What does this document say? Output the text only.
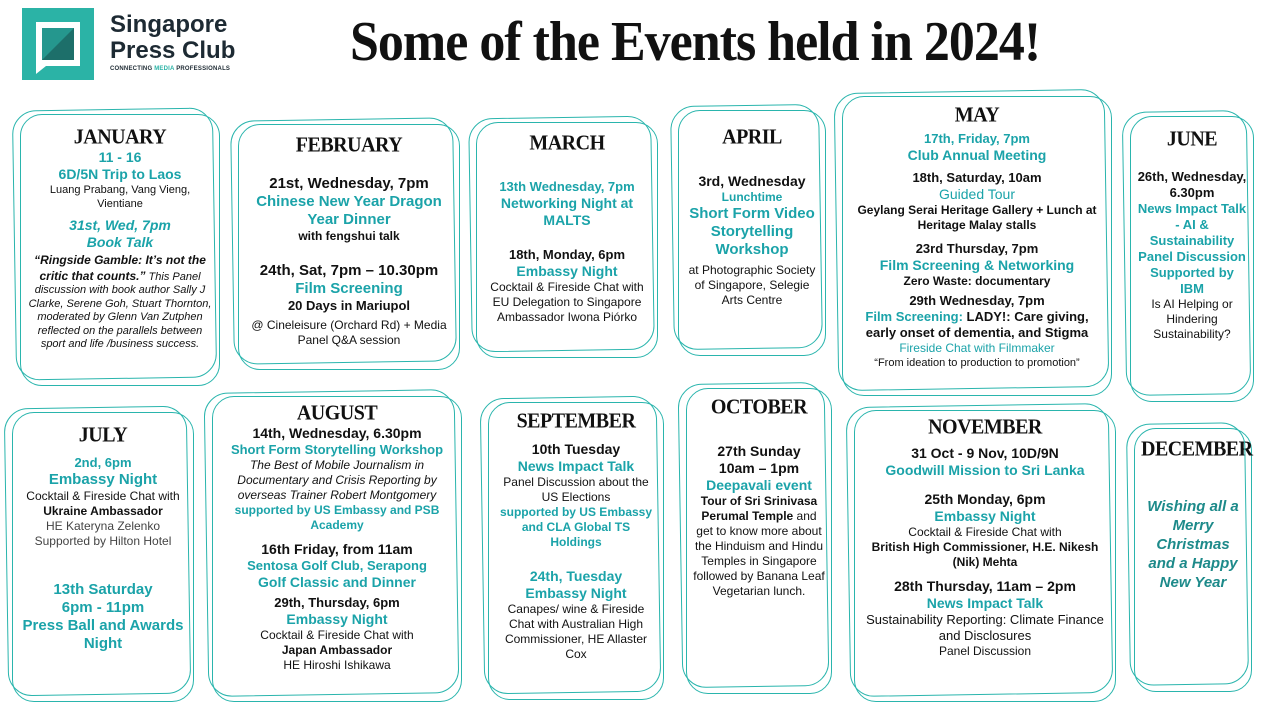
Singapore
Press Club
CONNECTING MEDIA PROFESSIONALS Some of the Events held in 2024!
JANUARY
11 - 16
6D/5N Trip to Laos
Luang Prabang, Vang Vieng, Vientiane
31st, Wed, 7pm
Book Talk
“Ringside Gamble: It’s not the critic that counts.” This Panel discussion with book author Sally J Clarke, Serene Goh, Stuart Thornton, moderated by Glenn Van Zutphen reflected on the parallels between sport and life /business success.
FEBRUARY
21st, Wednesday, 7pm
Chinese New Year Dragon Year Dinner
with fengshui talk
24th, Sat, 7pm – 10.30pm
Film Screening
20 Days in Mariupol
@ Cineleisure (Orchard Rd) + Media Panel Q&A session
MARCH
13th Wednesday, 7pm
Networking Night at MALTS
18th, Monday, 6pm
Embassy Night
Cocktail & Fireside Chat with EU Delegation to Singapore Ambassador Iwona Piórko
APRIL
3rd, Wednesday
Lunchtime
Short Form Video Storytelling Workshop
at Photographic Society of Singapore, Selegie Arts Centre
MAY
17th, Friday, 7pm
Club Annual Meeting
18th, Saturday, 10am
Guided Tour
Geylang Serai Heritage Gallery + Lunch at Heritage Malay stalls
23rd Thursday, 7pm
Film Screening & Networking
Zero Waste: documentary
29th Wednesday, 7pm
Film Screening: LADY!: Care giving, early onset of dementia, and Stigma
Fireside Chat with Filmmaker
“From ideation to production to promotion”
JUNE
26th, Wednesday, 6.30pm
News Impact Talk - AI & Sustainability Panel Discussion Supported by IBM
Is AI Helping or Hindering Sustainability?
JULY
2nd, 6pm
Embassy Night
Cocktail & Fireside Chat with Ukraine Ambassador
HE Kateryna Zelenko
Supported by Hilton Hotel
13th Saturday
6pm - 11pm
Press Ball and Awards Night
AUGUST
14th, Wednesday, 6.30pm
Short Form Storytelling Workshop
The Best of Mobile Journalism in Documentary and Crisis Reporting by overseas Trainer Robert Montgomery
supported by US Embassy and PSB Academy
16th Friday, from 11am
Sentosa Golf Club, Serapong
Golf Classic and Dinner
29th, Thursday, 6pm
Embassy Night
Cocktail & Fireside Chat with
Japan Ambassador
HE Hiroshi Ishikawa
SEPTEMBER
10th Tuesday
News Impact Talk
Panel Discussion about the US Elections
supported by US Embassy and CLA Global TS Holdings
24th, Tuesday
Embassy Night
Canapes/ wine & Fireside Chat with Australian High Commissioner, HE Allaster Cox
OCTOBER
27th Sunday
10am – 1pm
Deepavali event
Tour of Sri Srinivasa Perumal Temple and get to know more about the Hinduism and Hindu Temples in Singapore followed by Banana Leaf Vegetarian lunch.
NOVEMBER
31 Oct - 9 Nov, 10D/9N
Goodwill Mission to Sri Lanka
25th Monday, 6pm
Embassy Night
Cocktail & Fireside Chat with
British High Commissioner, H.E. Nikesh (Nik) Mehta
28th Thursday, 11am – 2pm
News Impact Talk
Sustainability Reporting: Climate Finance and Disclosures
Panel Discussion
DECEMBER
Wishing all a Merry Christmas and a Happy New Year
